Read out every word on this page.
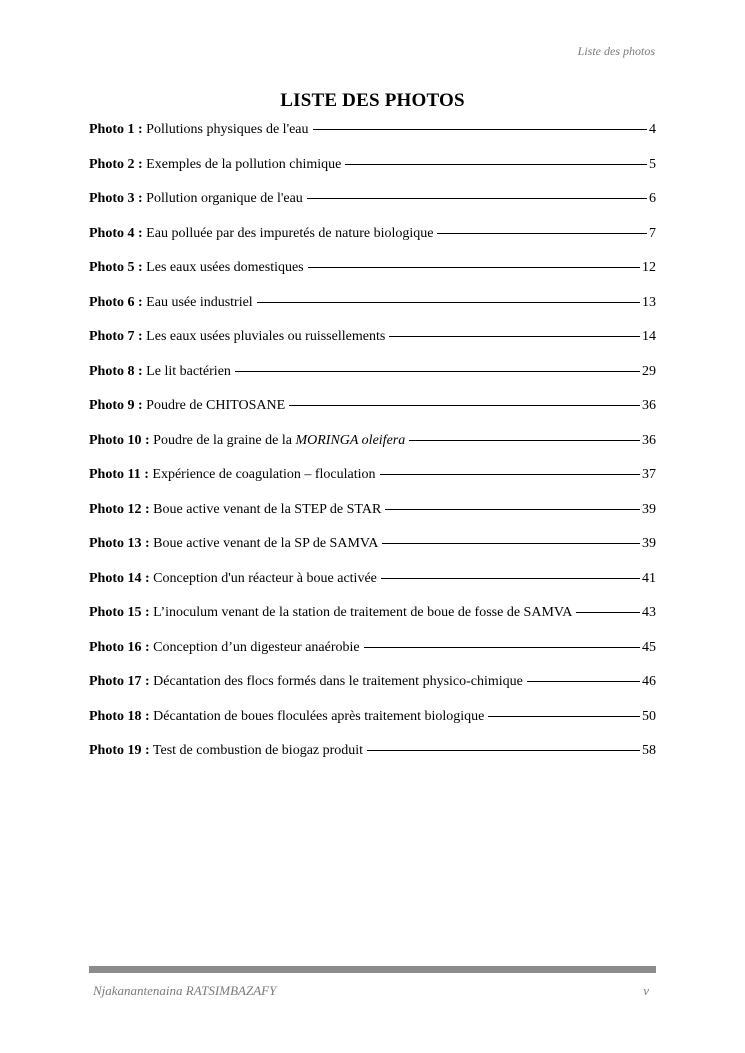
Liste des photos
LISTE DES PHOTOS
Photo 1 : Pollutions physiques de l'eau	4
Photo 2 : Exemples de la pollution chimique	5
Photo 3 : Pollution organique de l'eau	6
Photo 4 : Eau polluée par des impuretés de nature biologique	7
Photo 5 : Les eaux usées domestiques	12
Photo 6 : Eau usée industriel	13
Photo 7 : Les eaux usées pluviales ou ruissellements	14
Photo 8 : Le lit bactérien	29
Photo 9 : Poudre de CHITOSANE	36
Photo 10 : Poudre de la graine de la MORINGA oleifera	36
Photo 11 : Expérience de coagulation – floculation	37
Photo 12 : Boue active venant de la STEP de STAR	39
Photo 13 : Boue active venant de la SP de SAMVA	39
Photo 14 : Conception d'un réacteur à boue activée	41
Photo 15 : L’inoculum venant de la station de traitement de boue de fosse de SAMVA	43
Photo 16 : Conception d’un digesteur anaérobie	45
Photo 17 : Décantation des flocs formés dans le traitement physico-chimique	46
Photo 18 : Décantation de boues floculées après traitement biologique	50
Photo 19 : Test de combustion de biogaz produit	58
Njakanantenaina RATSIMBAZAFY	v
